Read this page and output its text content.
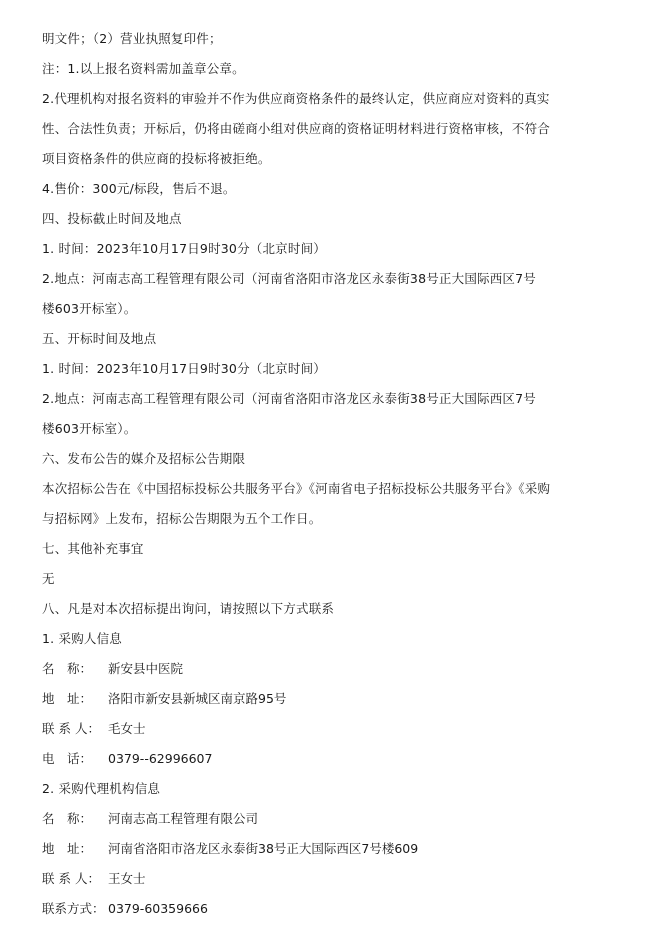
明文件；（2）营业执照复印件；
注：1.以上报名资料需加盖章公章。
2.代理机构对报名资料的审验并不作为供应商资格条件的最终认定，供应商应对资料的真实
性、合法性负责；开标后，仍将由磋商小组对供应商的资格证明材料进行资格审核，不符合
项目资格条件的供应商的投标将被拒绝。
4.售价：300元/标段，售后不退。
四、投标截止时间及地点
1. 时间：2023年10月17日9时30分（北京时间）
2.地点：河南志高工程管理有限公司（河南省洛阳市洛龙区永泰街38号正大国际西区7号
楼603开标室）。
五、开标时间及地点
1. 时间：2023年10月17日9时30分（北京时间）
2.地点：河南志高工程管理有限公司（河南省洛阳市洛龙区永泰街38号正大国际西区7号
楼603开标室）。
六、发布公告的媒介及招标公告期限
本次招标公告在《中国招标投标公共服务平台》《河南省电子招标投标公共服务平台》《采购
与招标网》上发布，招标公告期限为五个工作日。
七、其他补充事宜
无
八、凡是对本次招标提出询问，请按照以下方式联系
1. 采购人信息
名　称： 新安县中医院
地　址： 洛阳市新安县新城区南京路95号
联 系 人： 毛女士
电　话： 0379--62996607
2. 采购代理机构信息
名　称： 河南志高工程管理有限公司
地　址： 河南省洛阳市洛龙区永泰街38号正大国际西区7号楼609
联 系 人： 王女士
联系方式： 0379-60359666
